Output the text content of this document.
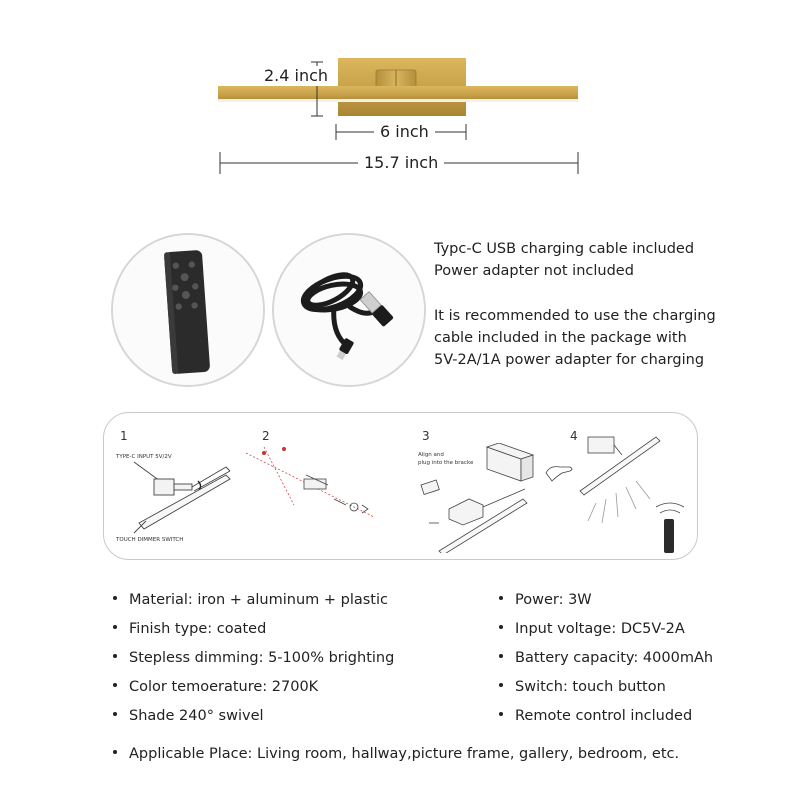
2.4 inch
6 inch
15.7 inch
Typc-C USB charging cable included
Power adapter not included
It is recommended to use the charging
cable included in the package with
5V-2A/1A power adapter for charging
1
TYPE-C INPUT 5V/2V
TOUCH DIMMER SWITCH
2	3
Align and
plug into the bracke
4
Material: iron + aluminum + plastic
Finish type: coated
Stepless dimming: 5-100% brighting
Color temoerature: 2700K
Shade 240° swivel
Power: 3W
Input voltage: DC5V-2A
Battery capacity: 4000mAh
Switch: touch button
Remote control included
Applicable Place: Living room, hallway,picture frame, gallery, bedroom, etc.
